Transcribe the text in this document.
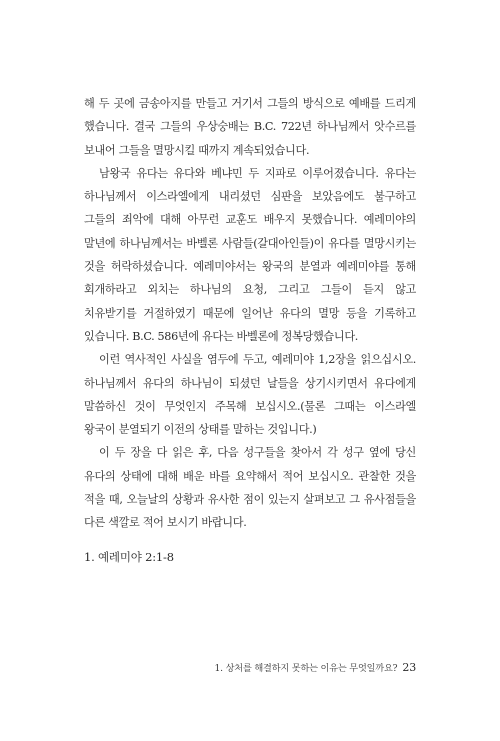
해 두 곳에 금송아지를 만들고 거기서 그들의 방식으로 예배를 드리게 했습니다. 결국 그들의 우상숭배는 B.C. 722년 하나님께서 앗수르를 보내어 그들을 멸망시킬 때까지 계속되었습니다.

남왕국 유다는 유다와 베냐민 두 지파로 이루어졌습니다. 유다는 하나님께서 이스라엘에게 내리셨던 심판을 보았음에도 불구하고 그들의 죄악에 대해 아무런 교훈도 배우지 못했습니다. 예레미야의 말년에 하나님께서는 바벨론 사람들(갈대아인들)이 유다를 멸망시키는 것을 허락하셨습니다. 예레미야서는 왕국의 분열과 예레미야를 통해 회개하라고 외치는 하나님의 요청, 그리고 그들이 듣지 않고 치유받기를 거절하였기 때문에 일어난 유다의 멸망 등을 기록하고 있습니다. B.C. 586년에 유다는 바벨론에 정복당했습니다.

이런 역사적인 사실을 염두에 두고, 예레미야 1,2장을 읽으십시오. 하나님께서 유다의 하나님이 되셨던 날들을 상기시키면서 유다에게 말씀하신 것이 무엇인지 주목해 보십시오.(물론 그때는 이스라엘 왕국이 분열되기 이전의 상태를 말하는 것입니다.)

이 두 장을 다 읽은 후, 다음 성구들을 찾아서 각 성구 옆에 당신 유다의 상태에 대해 배운 바를 요약해서 적어 보십시오. 관찰한 것을 적을 때, 오늘날의 상황과 유사한 점이 있는지 살펴보고 그 유사점들을 다른 색깔로 적어 보시기 바랍니다.

1. 예레미야 2:1-8
1. 상처를 해결하지 못하는 이유는 무엇일까요? 23
